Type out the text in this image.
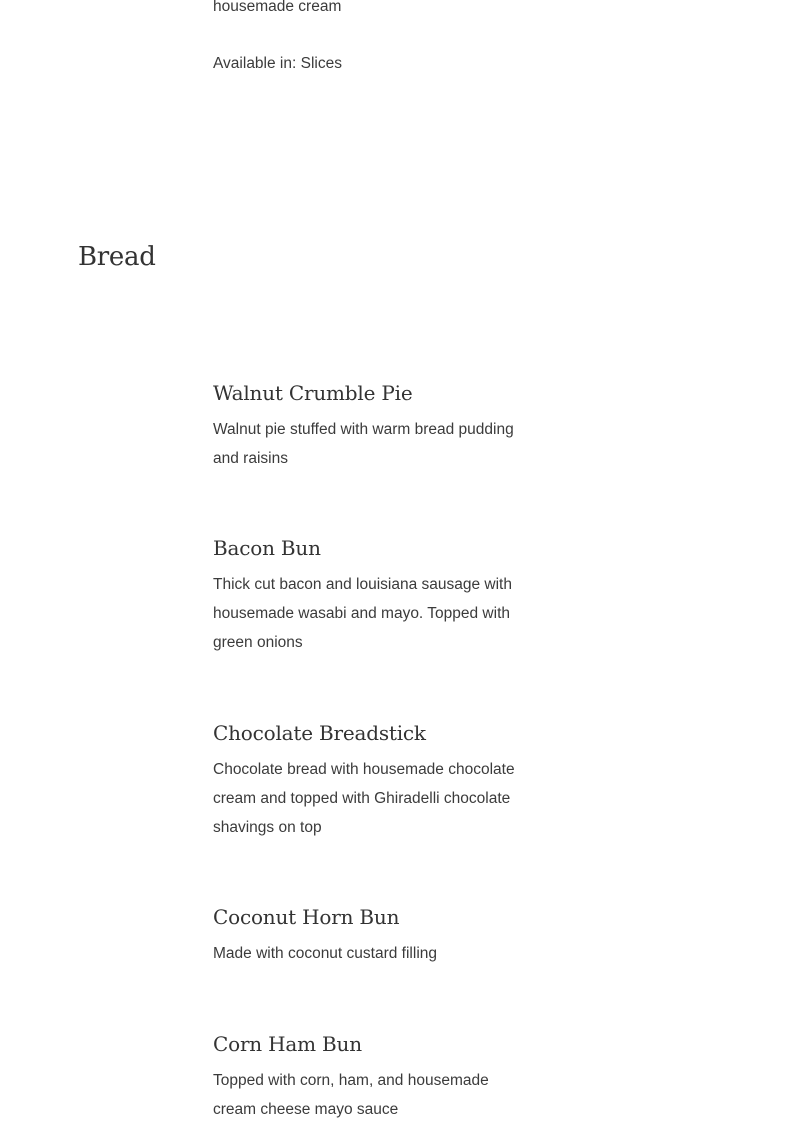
housemade cream

Available in: Slices

Bread
Walnut Crumble Pie

Walnut pie stuffed with warm bread pudding and raisins

Bacon Bun

Thick cut bacon and louisiana sausage with housemade wasabi and mayo. Topped with green onions

Chocolate Breadstick

Chocolate bread with housemade chocolate cream and topped with Ghiradelli chocolate shavings on top

Coconut Horn Bun

Made with coconut custard filling

Corn Ham Bun

Topped with corn, ham, and housemade cream cheese mayo sauce
